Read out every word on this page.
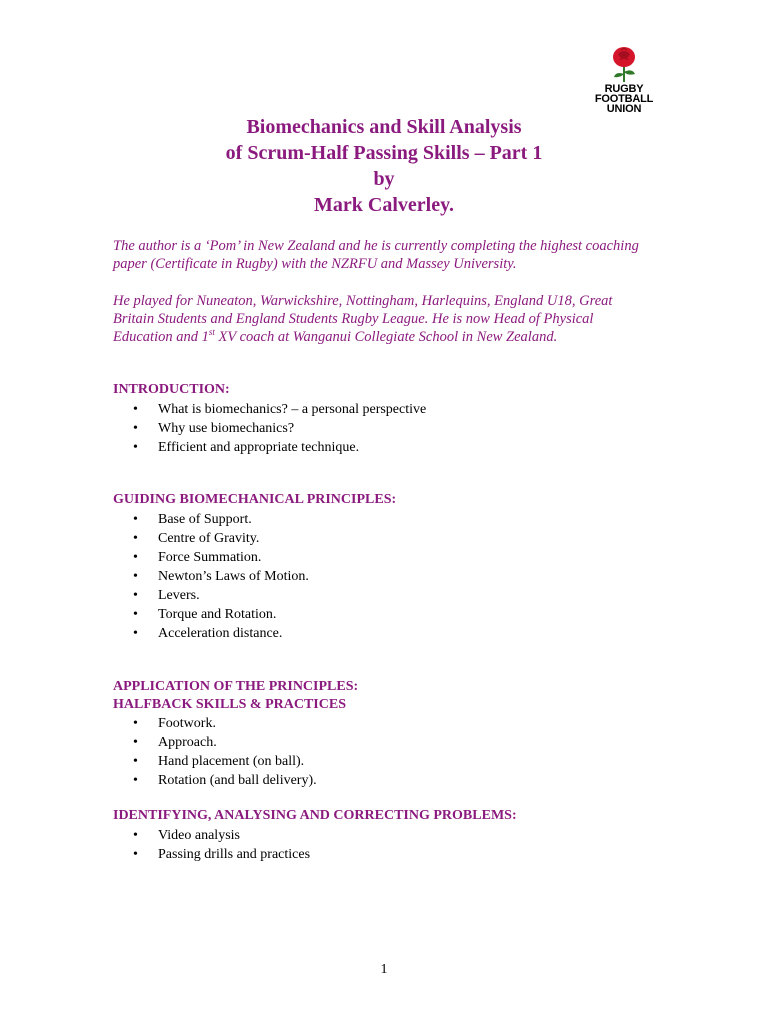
RUGBY
FOOTBALL
UNION
Biomechanics and Skill Analysis
of Scrum-Half Passing Skills – Part 1
by
Mark Calverley.
The author is a ‘Pom’ in New Zealand and he is currently completing the highest coaching paper (Certificate in Rugby) with the NZRFU and Massey University.
He played for Nuneaton, Warwickshire, Nottingham, Harlequins, England U18, Great
Britain Students and England Students Rugby League. He is now Head of Physical
Education and 1st XV coach at Wanganui Collegiate School in New Zealand.
INTRODUCTION:
• What is biomechanics? – a personal perspective
• Why use biomechanics?
• Efficient and appropriate technique.
GUIDING BIOMECHANICAL PRINCIPLES:
• Base of Support.
• Centre of Gravity.
• Force Summation.
• Newton’s Laws of Motion.
• Levers.
• Torque and Rotation.
• Acceleration distance.
APPLICATION OF THE PRINCIPLES:
HALFBACK SKILLS & PRACTICES
• Footwork.
• Approach.
• Hand placement (on ball).
• Rotation (and ball delivery).
IDENTIFYING, ANALYSING AND CORRECTING PROBLEMS:
• Video analysis
• Passing drills and practices
1
